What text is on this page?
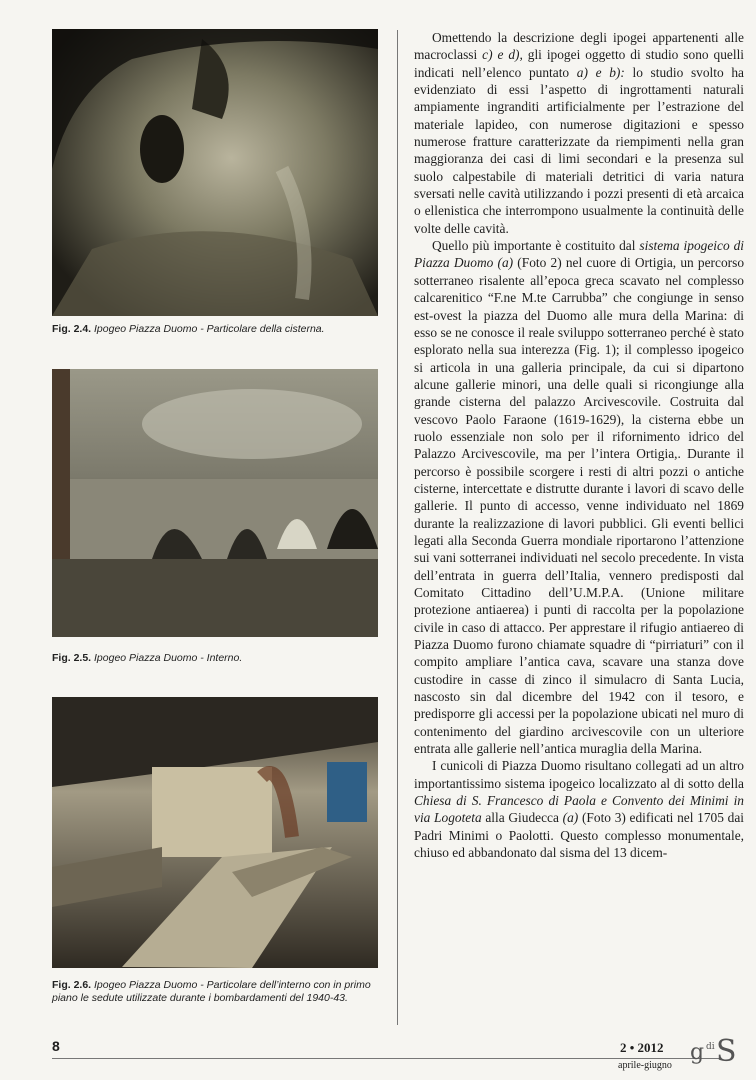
Fig. 2.4. Ipogeo Piazza Duomo - Particolare della cisterna.
Fig. 2.5. Ipogeo Piazza Duomo - Interno.
Fig. 2.6. Ipogeo Piazza Duomo - Particolare dell’interno con in primo piano le sedute utilizzate durante i bombardamenti del 1940-43.

Omettendo la descrizione degli ipogei appartenenti alle macroclassi c) e d), gli ipogei oggetto di studio sono quelli indicati nell’elenco puntato a) e b): lo studio svolto ha evidenziato di essi l’aspetto di ingrottamenti naturali ampiamente ingranditi artificialmente per l’estrazione del materiale lapideo, con numerose digitazioni e spesso numerose fratture caratterizzate da riempimenti nella gran maggioranza dei casi di limi secondari e la presenza sul suolo calpestabile di materiali detritici di varia natura sversati nelle cavità utilizzando i pozzi presenti di età arcaica o ellenistica che interrompono usualmente la continuità delle volte delle cavità.

Quello più importante è costituito dal sistema ipogeico di Piazza Duomo (a) (Foto 2) nel cuore di Ortigia, un percorso sotterraneo risalente all’epoca greca scavato nel complesso calcarenitico “F.ne M.te Carrubba” che congiunge in senso est-ovest la piazza del Duomo alle mura della Marina: di esso se ne conosce il reale sviluppo sotterraneo perché è stato esplorato nella sua interezza (Fig. 1); il complesso ipogeico si articola in una galleria principale, da cui si dipartono alcune gallerie minori, una delle quali si ricongiunge alla grande cisterna del palazzo Arcivescovile. Costruita dal vescovo Paolo Faraone (1619-1629), la cisterna ebbe un ruolo essenziale non solo per il rifornimento idrico del Palazzo Arcivescovile, ma per l’intera Ortigia,. Durante il percorso è possibile scorgere i resti di altri pozzi o antiche cisterne, intercettate e distrutte durante i lavori di scavo delle gallerie. Il punto di accesso, venne individuato nel 1869 durante la realizzazione di lavori pubblici. Gli eventi bellici legati alla Seconda Guerra mondiale riportarono l’attenzione sui vani sotterranei individuati nel secolo precedente. In vista dell’entrata in guerra dell’Italia, vennero predisposti dal Comitato Cittadino dell’U.M.P.A. (Unione militare protezione antiaerea) i punti di raccolta per la popolazione civile in caso di attacco. Per apprestare il rifugio antiaereo di Piazza Duomo furono chiamate squadre di “pirriaturi” con il compito ampliare l’antica cava, scavare una stanza dove custodire in casse di zinco il simulacro di Santa Lucia, nascosto sin dal dicembre del 1942 con il tesoro, e predisporre gli accessi per la popolazione ubicati nel muro di contenimento del giardino arcivescovile con un ulteriore entrata alle gallerie nell’antica muraglia della Marina.

I cunicoli di Piazza Duomo risultano collegati ad un altro importantissimo sistema ipogeico localizzato al di sotto della Chiesa di S. Francesco di Paola e Convento dei Minimi in via Logoteta alla Giudecca (a) (Foto 3) edificati nel 1705 dai Padri Minimi o Paolotti. Questo complesso monumentale, chiuso ed abbandonato dal sisma del 13 dicem-

8	2 • 2012
aprile-giugno
g di S
